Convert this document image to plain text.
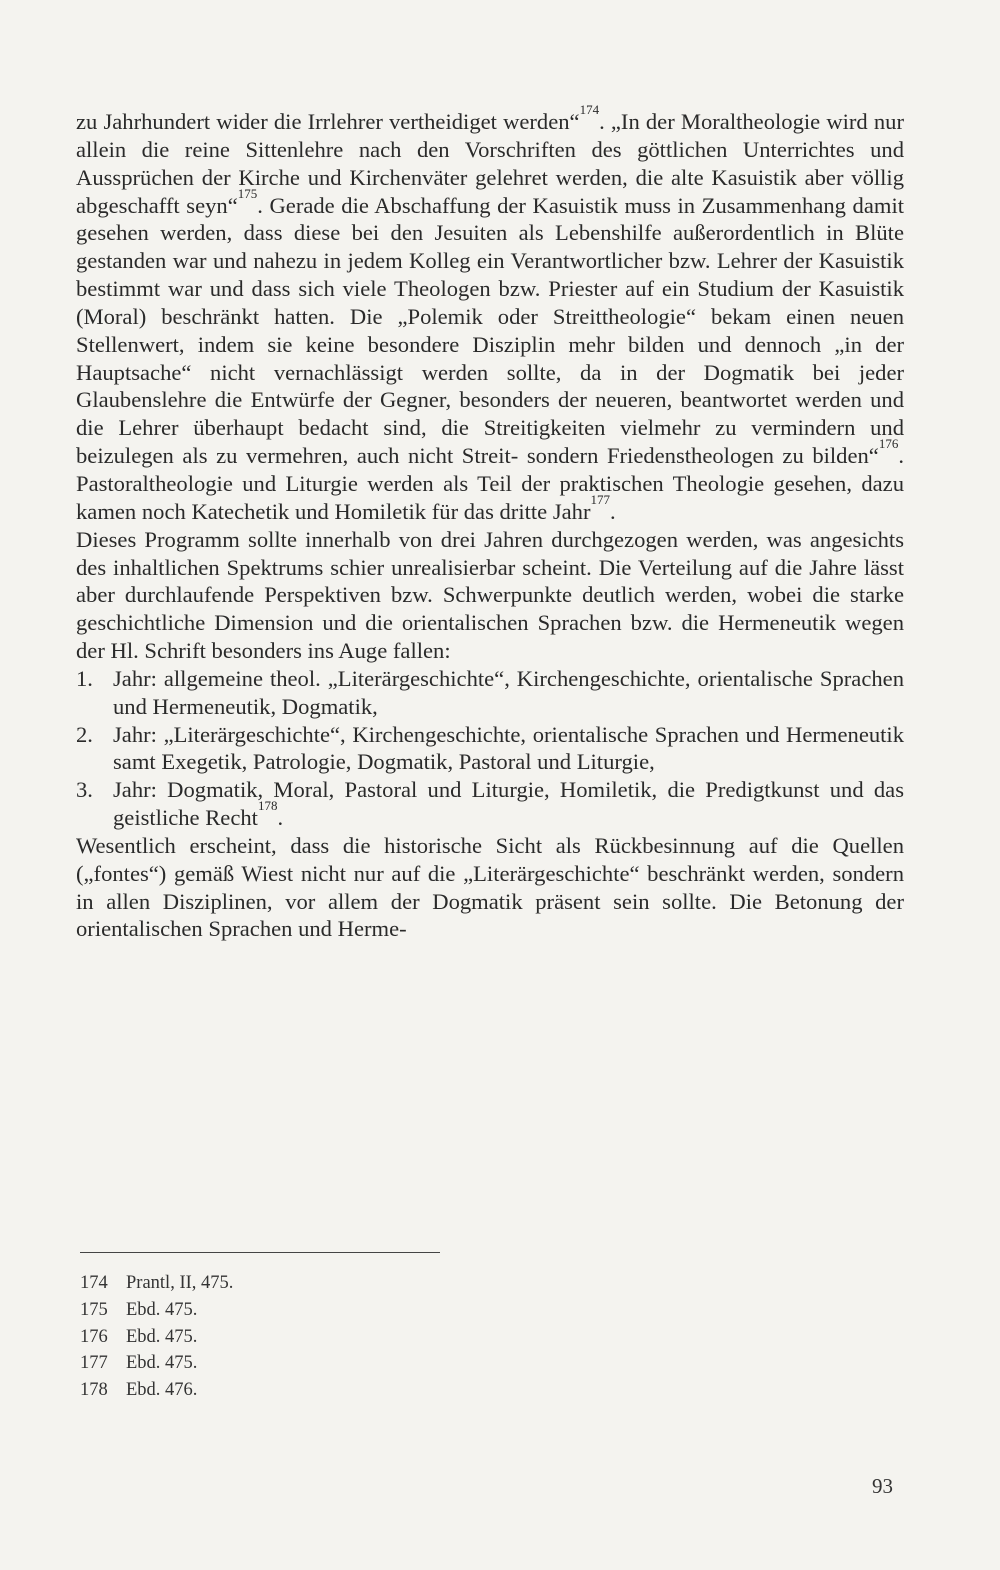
zu Jahrhundert wider die Irrlehrer vertheidiget werden“$^{174}$. „In der Moraltheologie wird nur allein die reine Sittenlehre nach den Vorschriften des göttlichen Unterrichtes und Aussprüchen der Kirche und Kirchenväter gelehret werden, die alte Kasuistik aber völlig abgeschafft seyn“$^{175}$. Gerade die Abschaffung der Kasuistik muss in Zusammenhang damit gesehen werden, dass diese bei den Jesuiten als Lebenshilfe außerordentlich in Blüte gestanden war und nahezu in jedem Kolleg ein Verantwortlicher bzw. Lehrer der Kasuistik bestimmt war und dass sich viele Theologen bzw. Priester auf ein Studium der Kasuistik (Moral) beschränkt hatten. Die „Polemik oder Streittheologie“ bekam einen neuen Stellenwert, indem sie keine besondere Disziplin mehr bilden und dennoch „in der Hauptsache“ nicht vernachlässigt werden sollte, da in der Dogmatik bei jeder Glaubenslehre die Entwürfe der Gegner, besonders der neueren, beantwortet werden und die Lehrer überhaupt bedacht sind, die Streitigkeiten vielmehr zu vermindern und beizulegen als zu vermehren, auch nicht Streit- sondern Friedenstheologen zu bilden“$^{176}$. Pastoraltheologie und Liturgie werden als Teil der praktischen Theologie gesehen, dazu kamen noch Katechetik und Homiletik für das dritte Jahr$^{177}$.

Dieses Programm sollte innerhalb von drei Jahren durchgezogen werden, was angesichts des inhaltlichen Spektrums schier unrealisierbar scheint. Die Verteilung auf die Jahre lässt aber durchlaufende Perspektiven bzw. Schwerpunkte deutlich werden, wobei die starke geschichtliche Dimension und die orientalischen Sprachen bzw. die Hermeneutik wegen der Hl. Schrift besonders ins Auge fallen:

1. Jahr: allgemeine theol. „Literärgeschichte“, Kirchengeschichte, orientalische Sprachen und Hermeneutik, Dogmatik,
2. Jahr: „Literärgeschichte“, Kirchengeschichte, orientalische Sprachen und Hermeneutik samt Exegetik, Patrologie, Dogmatik, Pastoral und Liturgie,
3. Jahr: Dogmatik, Moral, Pastoral und Liturgie, Homiletik, die Predigtkunst und das geistliche Recht$^{178}$.

Wesentlich erscheint, dass die historische Sicht als Rückbesinnung auf die Quellen („fontes“) gemäß Wiest nicht nur auf die „Literärgeschichte“ beschränkt werden, sondern in allen Disziplinen, vor allem der Dogmatik präsent sein sollte. Die Betonung der orientalischen Sprachen und Herme-

174 Prantl, II, 475.
175 Ebd. 475.
176 Ebd. 475.
177 Ebd. 475.
178 Ebd. 476.
93
